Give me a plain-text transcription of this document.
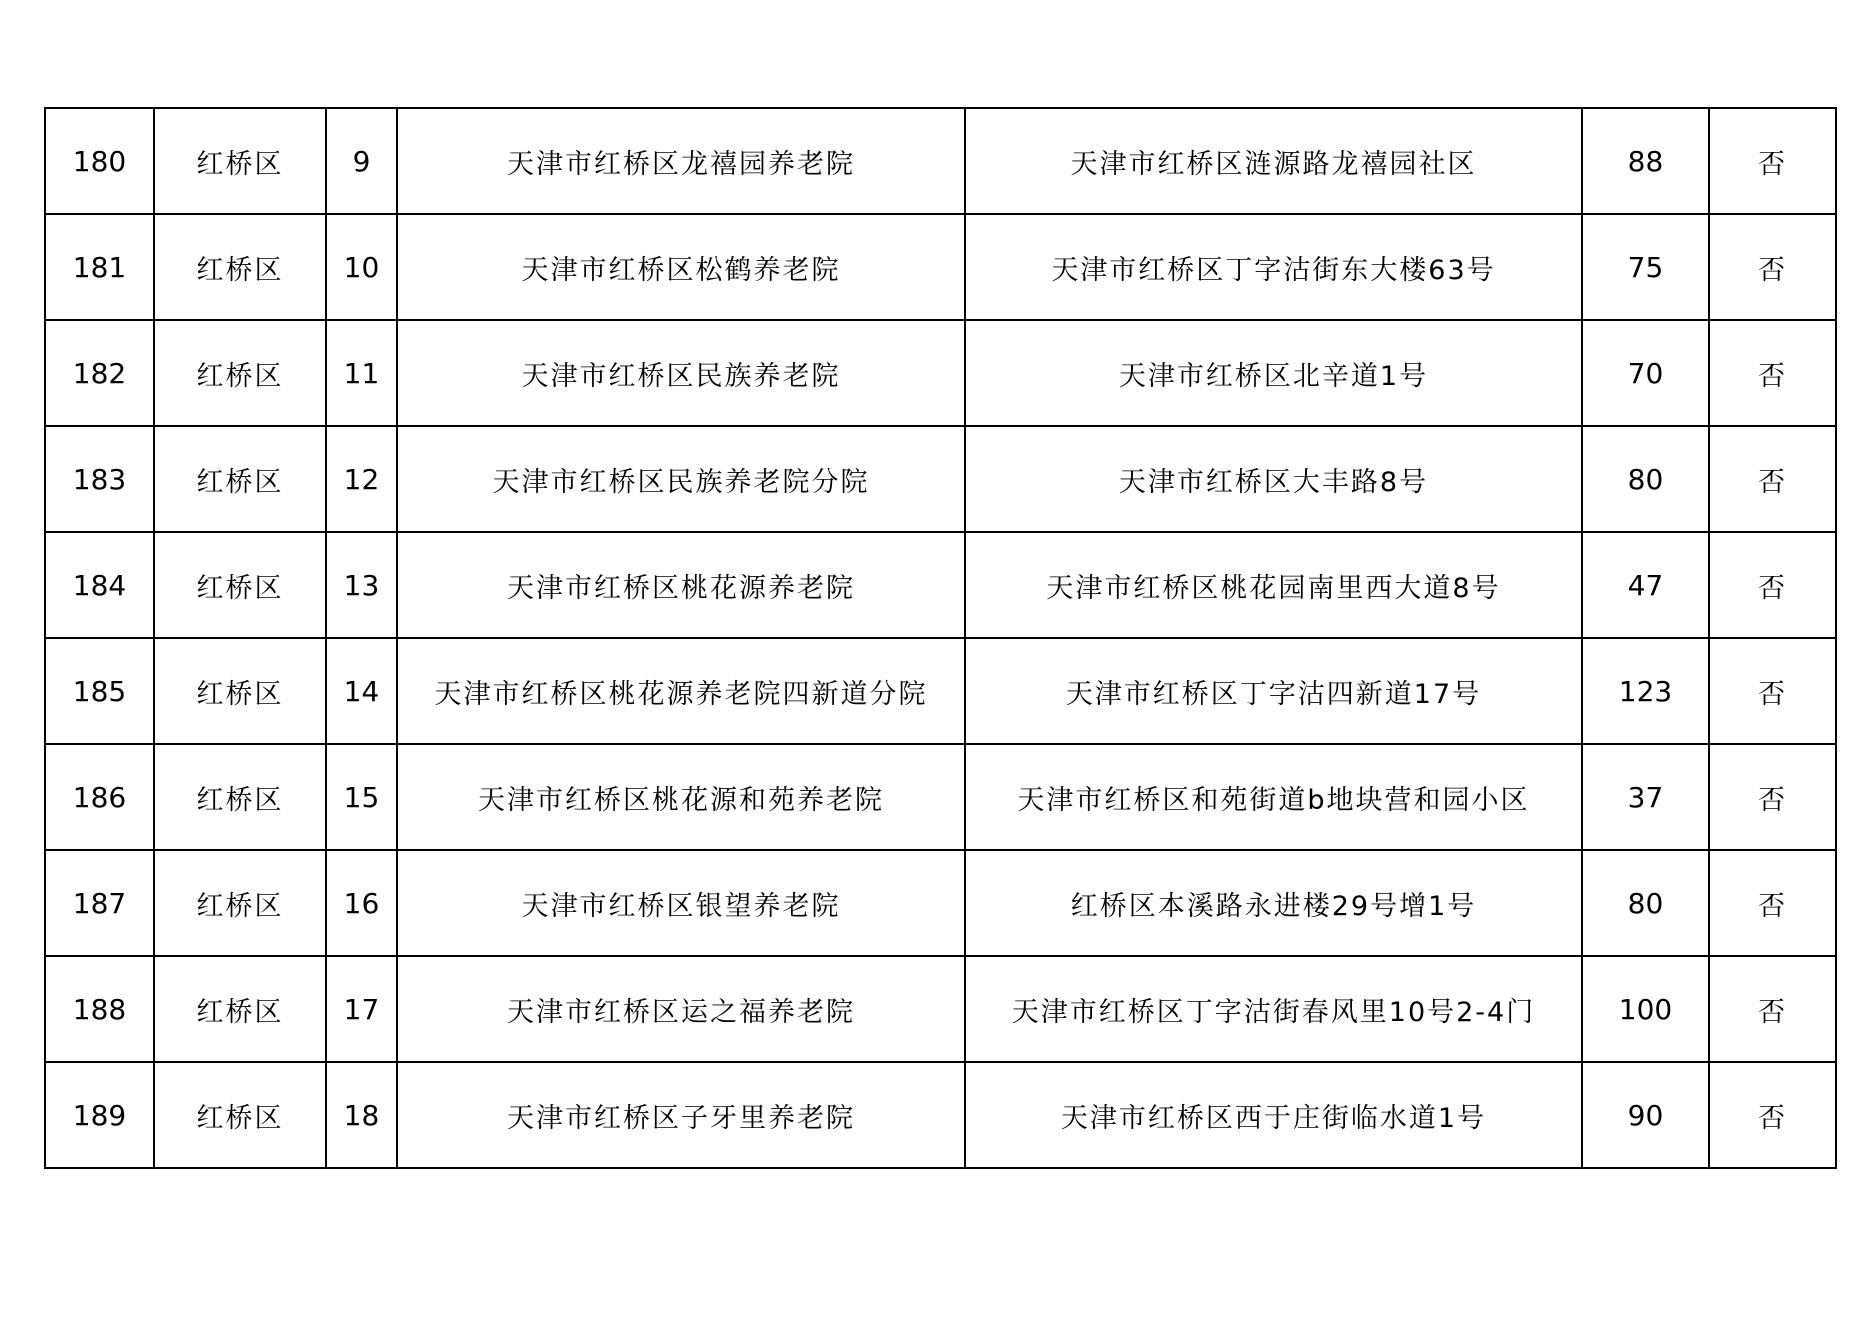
180	红桥区	9	天津市红桥区龙禧园养老院	天津市红桥区涟源路龙禧园社区	88	否
181	红桥区	10	天津市红桥区松鹤养老院	天津市红桥区丁字沽街东大楼63号	75	否
182	红桥区	11	天津市红桥区民族养老院	天津市红桥区北辛道1号	70	否
183	红桥区	12	天津市红桥区民族养老院分院	天津市红桥区大丰路8号	80	否
184	红桥区	13	天津市红桥区桃花源养老院	天津市红桥区桃花园南里西大道8号	47	否
185	红桥区	14	天津市红桥区桃花源养老院四新道分院	天津市红桥区丁字沽四新道17号	123	否
186	红桥区	15	天津市红桥区桃花源和苑养老院	天津市红桥区和苑街道b地块营和园小区	37	否
187	红桥区	16	天津市红桥区银望养老院	红桥区本溪路永进楼29号增1号	80	否
188	红桥区	17	天津市红桥区运之福养老院	天津市红桥区丁字沽街春风里10号2-4门	100	否
189	红桥区	18	天津市红桥区子牙里养老院	天津市红桥区西于庄街临水道1号	90	否
